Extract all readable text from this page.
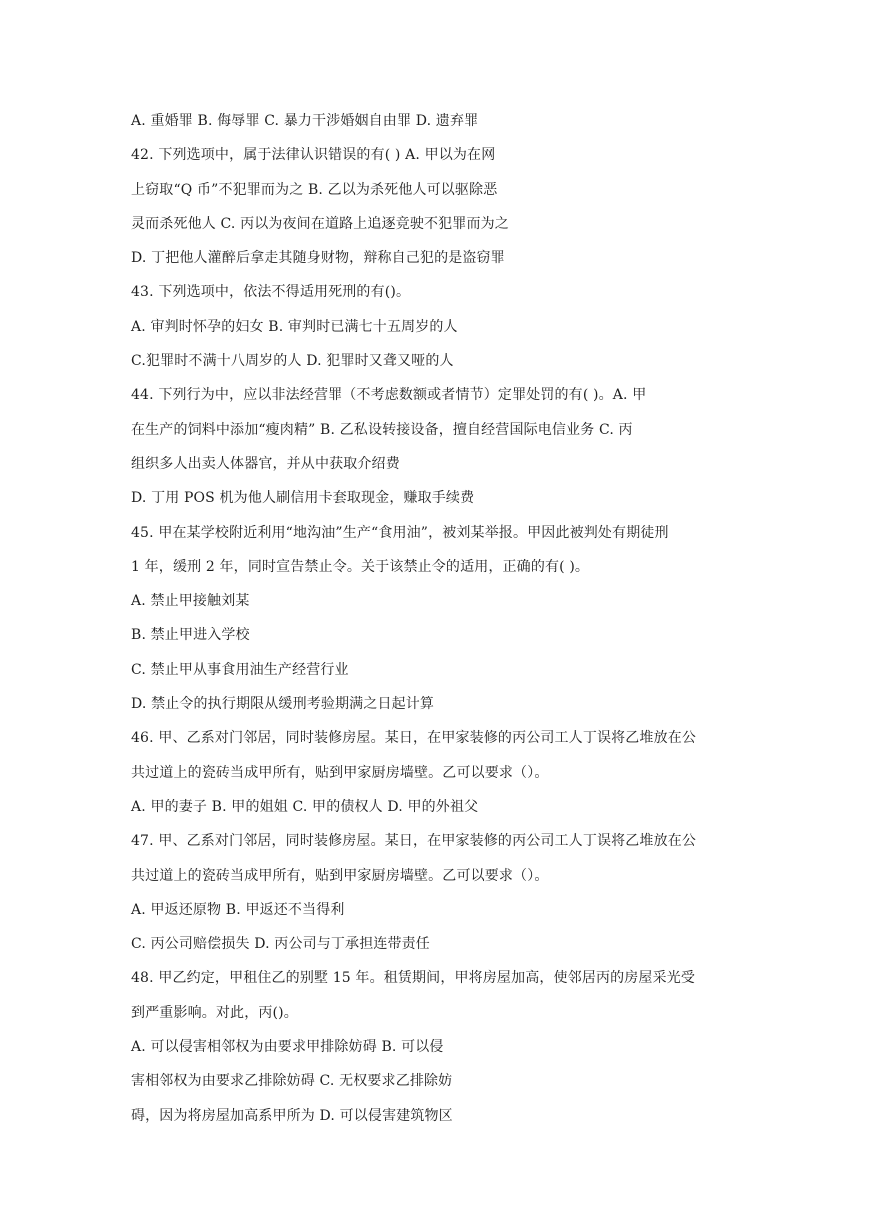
A. 重婚罪 B. 侮辱罪 C. 暴力干涉婚姻自由罪 D. 遗弃罪
42. 下列选项中，属于法律认识错误的有( ) A. 甲以为在网
上窃取“Q 币”不犯罪而为之 B. 乙以为杀死他人可以驱除恶
灵而杀死他人 C. 丙以为夜间在道路上追逐竞驶不犯罪而为之
D. 丁把他人灌醉后拿走其随身财物，辩称自己犯的是盗窃罪
43. 下列选项中，依法不得适用死刑的有()。
A. 审判时怀孕的妇女 B. 审判时已满七十五周岁的人
C.犯罪时不满十八周岁的人 D. 犯罪时又聋又哑的人
44. 下列行为中，应以非法经营罪（不考虑数额或者情节）定罪处罚的有( )。A. 甲
在生产的饲料中添加“瘦肉精” B. 乙私设转接设备，擅自经营国际电信业务 C. 丙
组织多人出卖人体器官，并从中获取介绍费
D. 丁用 POS 机为他人刷信用卡套取现金，赚取手续费
45. 甲在某学校附近利用“地沟油”生产“食用油”，被刘某举报。甲因此被判处有期徒刑
1 年，缓刑 2 年，同时宣告禁止令。关于该禁止令的适用，正确的有( )。
A. 禁止甲接触刘某
B. 禁止甲进入学校
C. 禁止甲从事食用油生产经营行业
D. 禁止令的执行期限从缓刑考验期满之日起计算
46. 甲、乙系对门邻居，同时装修房屋。某日，在甲家装修的丙公司工人丁误将乙堆放在公
共过道上的瓷砖当成甲所有，贴到甲家厨房墙壁。乙可以要求（）。
A. 甲的妻子 B. 甲的姐姐 C. 甲的债权人 D. 甲的外祖父
47. 甲、乙系对门邻居，同时装修房屋。某日，在甲家装修的丙公司工人丁误将乙堆放在公
共过道上的瓷砖当成甲所有，贴到甲家厨房墙壁。乙可以要求（）。
A. 甲返还原物 B. 甲返还不当得利
C. 丙公司赔偿损失 D. 丙公司与丁承担连带责任
48. 甲乙约定，甲租住乙的别墅 15 年。租赁期间，甲将房屋加高，使邻居丙的房屋采光受
到严重影响。对此，丙()。
A. 可以侵害相邻权为由要求甲排除妨碍 B. 可以侵
害相邻权为由要求乙排除妨碍 C. 无权要求乙排除妨
碍，因为将房屋加高系甲所为 D. 可以侵害建筑物区
